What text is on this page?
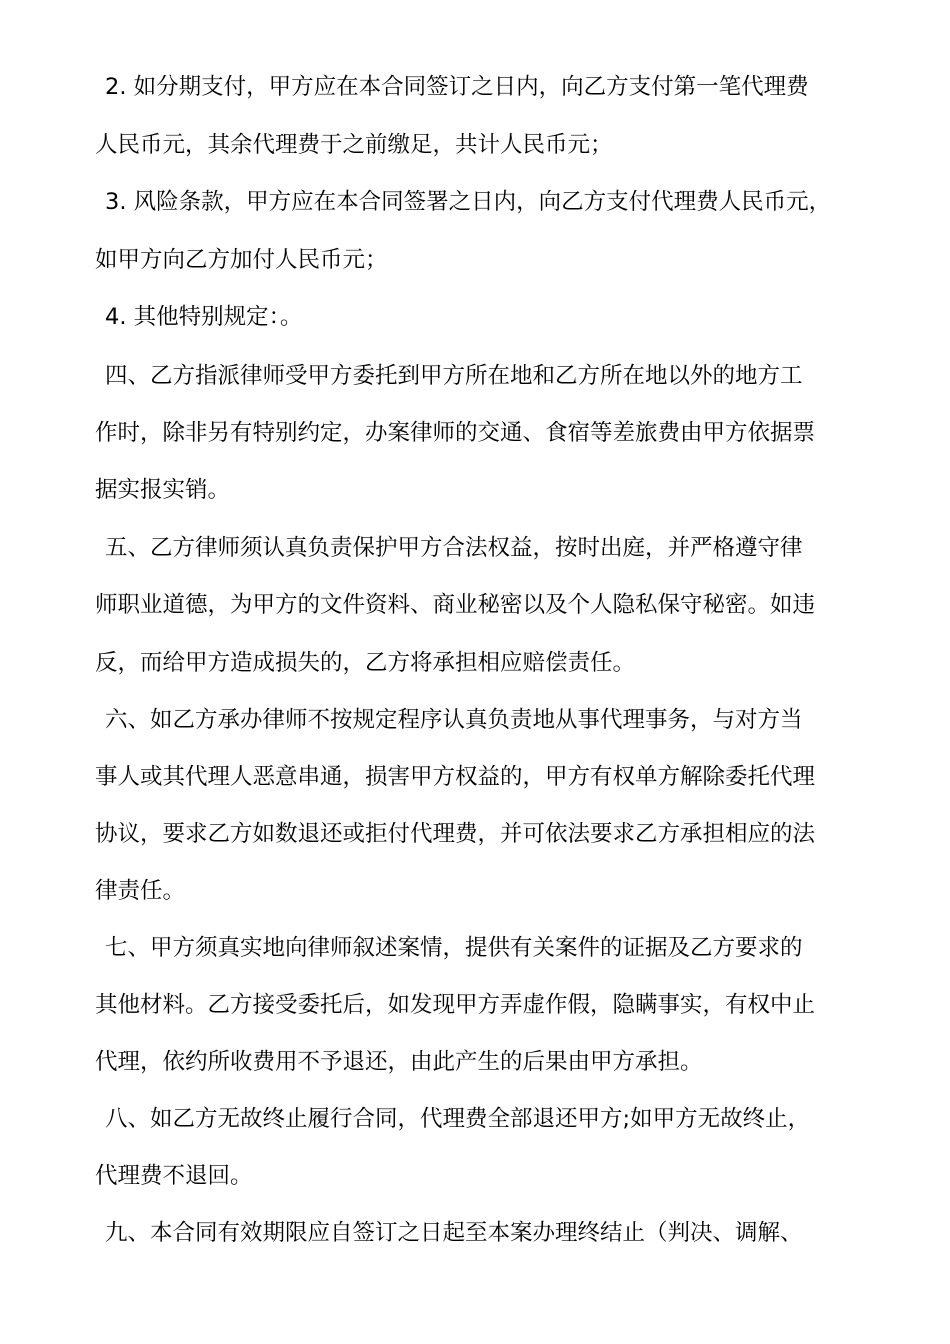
2. 如分期支付，甲方应在本合同签订之日内，向乙方支付第一笔代理费
人民币元，其余代理费于之前缴足，共计人民币元；
3. 风险条款，甲方应在本合同签署之日内，向乙方支付代理费人民币元，
如甲方向乙方加付人民币元；
4. 其他特别规定：。
四、乙方指派律师受甲方委托到甲方所在地和乙方所在地以外的地方工
作时，除非另有特别约定，办案律师的交通、食宿等差旅费由甲方依据票
据实报实销。
五、乙方律师须认真负责保护甲方合法权益，按时出庭，并严格遵守律
师职业道德，为甲方的文件资料、商业秘密以及个人隐私保守秘密。如违
反，而给甲方造成损失的，乙方将承担相应赔偿责任。
六、如乙方承办律师不按规定程序认真负责地从事代理事务，与对方当
事人或其代理人恶意串通，损害甲方权益的，甲方有权单方解除委托代理
协议，要求乙方如数退还或拒付代理费，并可依法要求乙方承担相应的法
律责任。
七、甲方须真实地向律师叙述案情，提供有关案件的证据及乙方要求的
其他材料。乙方接受委托后，如发现甲方弄虚作假，隐瞒事实，有权中止
代理，依约所收费用不予退还，由此产生的后果由甲方承担。
八、如乙方无故终止履行合同，代理费全部退还甲方;如甲方无故终止，
代理费不退回。
九、本合同有效期限应自签订之日起至本案办理终结止（判决、调解、
